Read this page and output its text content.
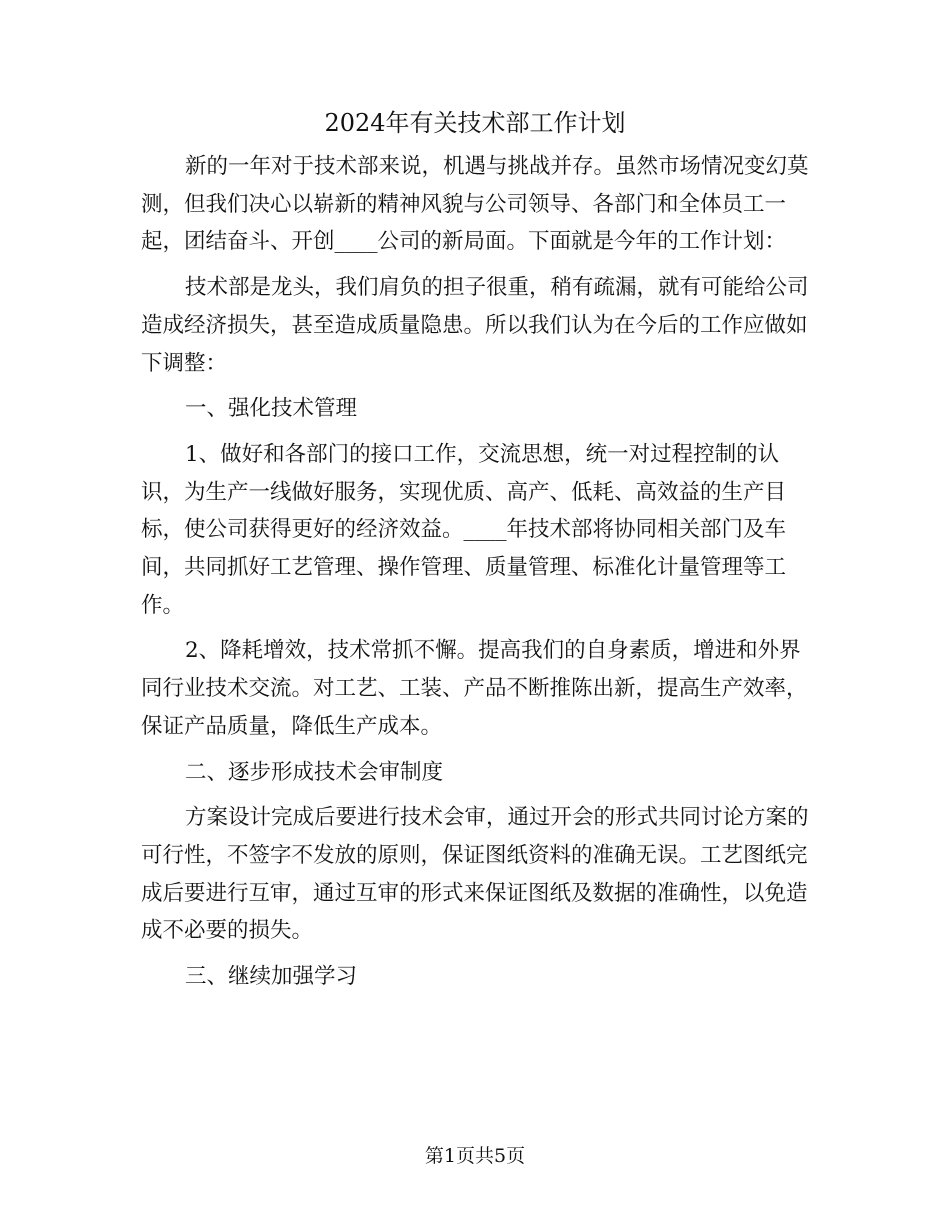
2024年有关技术部工作计划

新的一年对于技术部来说，机遇与挑战并存。虽然市场情况变幻莫测，但我们决心以崭新的精神风貌与公司领导、各部门和全体员工一起，团结奋斗、开创____公司的新局面。下面就是今年的工作计划：

技术部是龙头，我们肩负的担子很重，稍有疏漏，就有可能给公司造成经济损失，甚至造成质量隐患。所以我们认为在今后的工作应做如下调整：

一、强化技术管理

1、做好和各部门的接口工作，交流思想，统一对过程控制的认识，为生产一线做好服务，实现优质、高产、低耗、高效益的生产目标，使公司获得更好的经济效益。____年技术部将协同相关部门及车间，共同抓好工艺管理、操作管理、质量管理、标准化计量管理等工作。

2、降耗增效，技术常抓不懈。提高我们的自身素质，增进和外界同行业技术交流。对工艺、工装、产品不断推陈出新，提高生产效率，保证产品质量，降低生产成本。

二、逐步形成技术会审制度

方案设计完成后要进行技术会审，通过开会的形式共同讨论方案的可行性，不签字不发放的原则，保证图纸资料的准确无误。工艺图纸完成后要进行互审，通过互审的形式来保证图纸及数据的准确性，以免造成不必要的损失。

三、继续加强学习

第1页共5页
